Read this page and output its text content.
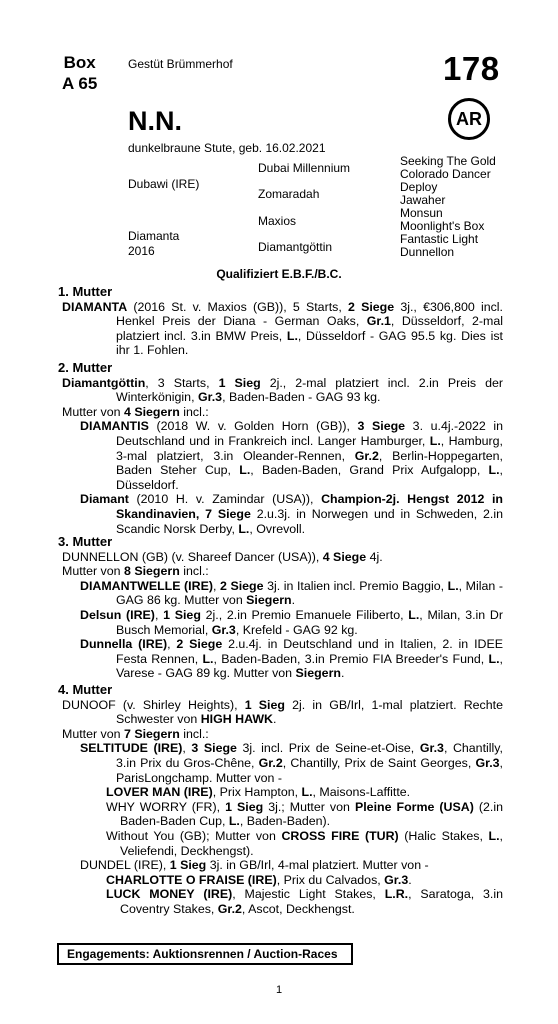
Box
A 65
Gestüt Brümmerhof	178
AR
N.N.
dunkelbraune Stute, geb. 16.02.2021
Dubawi (IRE)
Diamanta
2016
Dubai Millennium
Zomaradah
Maxios
Diamantgöttin
Seeking The Gold
Colorado Dancer
Deploy
Jawaher
Monsun
Moonlight's Box
Fantastic Light
Dunnellon
Qualifiziert E.B.F./B.C.
1. Mutter

DIAMANTA (2016 St. v. Maxios (GB)), 5 Starts, 2 Siege 3j., €306,800 incl. Henkel Preis der Diana - German Oaks, Gr.1, Düsseldorf, 2-mal platziert incl. 3.in BMW Preis, L., Düsseldorf - GAG 95.5 kg. Dies ist ihr 1. Fohlen.

2. Mutter

Diamantgöttin, 3 Starts, 1 Sieg 2j., 2-mal platziert incl. 2.in Preis der Winterkönigin, Gr.3, Baden-Baden - GAG 93 kg.

Mutter von 4 Siegern incl.:

DIAMANTIS (2018 W. v. Golden Horn (GB)), 3 Siege 3. u.4j.-2022 in Deutschland und in Frankreich incl. Langer Hamburger, L., Hamburg, 3-mal platziert, 3.in Oleander-Rennen, Gr.2, Berlin-Hoppegarten, Baden Steher Cup, L., Baden-Baden, Grand Prix Aufgalopp, L., Düsseldorf.

Diamant (2010 H. v. Zamindar (USA)), Champion-2j. Hengst 2012 in Skandinavien, 7 Siege 2.u.3j. in Norwegen und in Schweden, 2.in Scandic Norsk Derby, L., Ovrevoll.

3. Mutter

DUNNELLON (GB) (v. Shareef Dancer (USA)), 4 Siege 4j.

Mutter von 8 Siegern incl.:

DIAMANTWELLE (IRE), 2 Siege 3j. in Italien incl. Premio Baggio, L., Milan - GAG 86 kg. Mutter von Siegern.

Delsun (IRE), 1 Sieg 2j., 2.in Premio Emanuele Filiberto, L., Milan, 3.in Dr Busch Memorial, Gr.3, Krefeld - GAG 92 kg.

Dunnella (IRE), 2 Siege 2.u.4j. in Deutschland und in Italien, 2. in IDEE Festa Rennen, L., Baden-Baden, 3.in Premio FIA Breeder's Fund, L., Varese - GAG 89 kg. Mutter von Siegern.

4. Mutter

DUNOOF (v. Shirley Heights), 1 Sieg 2j. in GB/Irl, 1-mal platziert. Rechte Schwester von HIGH HAWK.

Mutter von 7 Siegern incl.:

SELTITUDE (IRE), 3 Siege 3j. incl. Prix de Seine-et-Oise, Gr.3, Chantilly, 3.in Prix du Gros-Chêne, Gr.2, Chantilly, Prix de Saint Georges, Gr.3, ParisLongchamp. Mutter von -

LOVER MAN (IRE), Prix Hampton, L., Maisons-Laffitte.

WHY WORRY (FR), 1 Sieg 3j.; Mutter von Pleine Forme (USA) (2.in Baden-Baden Cup, L., Baden-Baden).

Without You (GB); Mutter von CROSS FIRE (TUR) (Halic Stakes, L., Veliefendi, Deckhengst).

DUNDEL (IRE), 1 Sieg 3j. in GB/Irl, 4-mal platziert. Mutter von -

CHARLOTTE O FRAISE (IRE), Prix du Calvados, Gr.3.

LUCK MONEY (IRE), Majestic Light Stakes, L.R., Saratoga, 3.in Coventry Stakes, Gr.2, Ascot, Deckhengst.

Engagements: Auktionsrennen / Auction-Races
1
